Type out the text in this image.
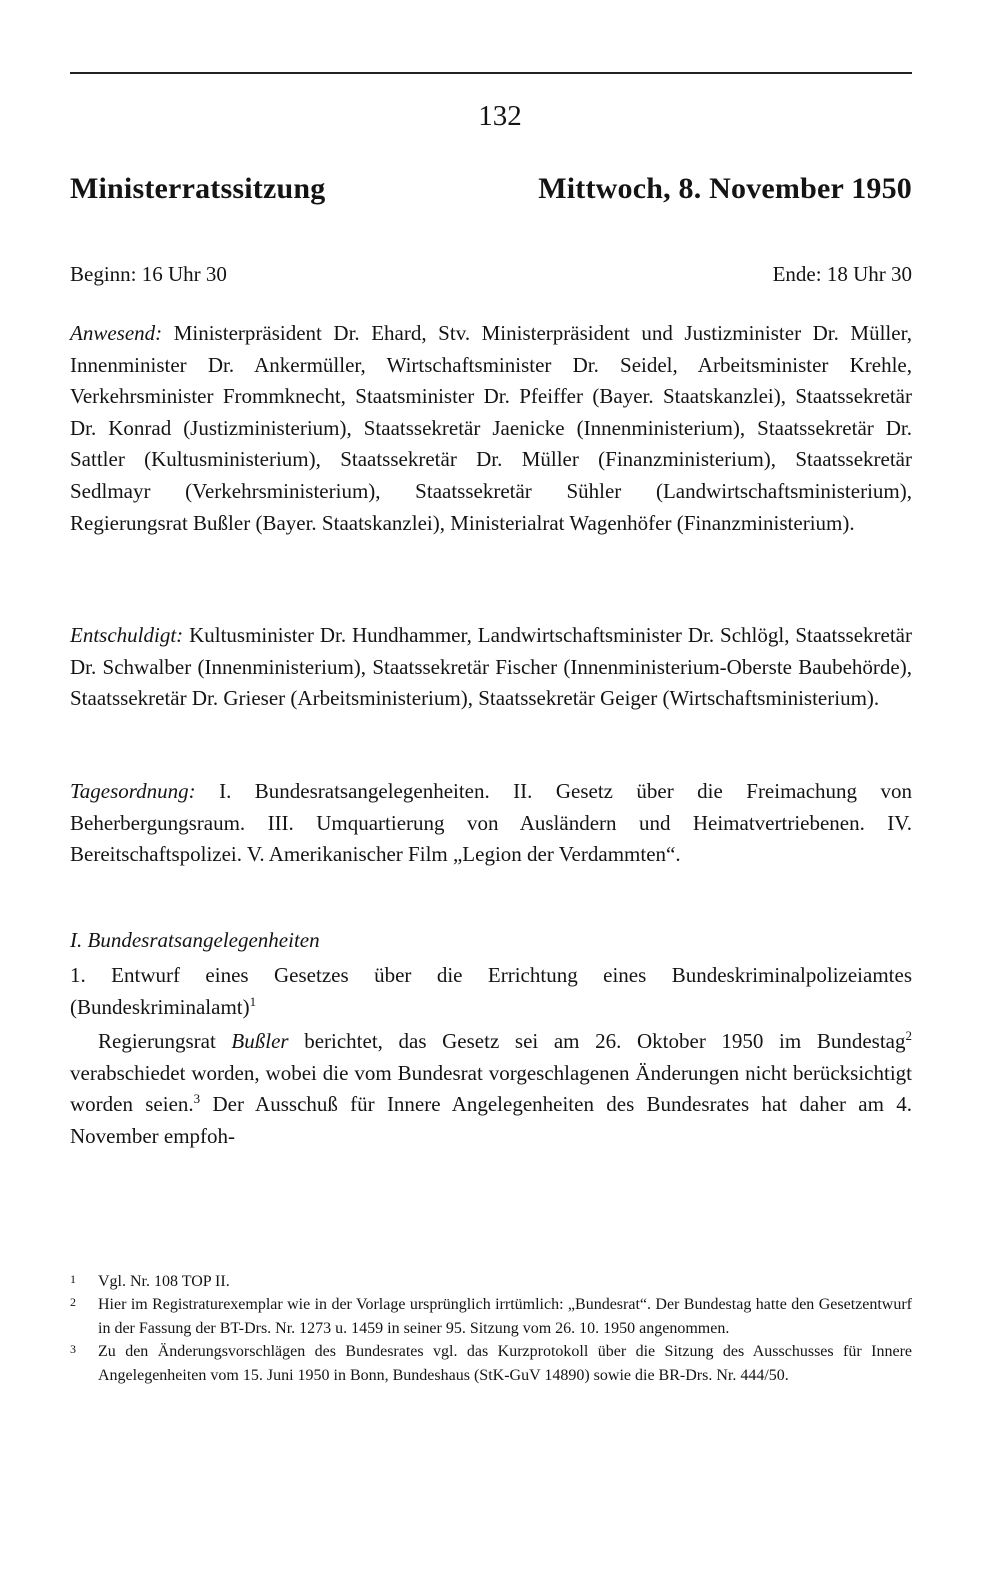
132
Ministerratssitzung	Mittwoch, 8. November 1950
Beginn: 16 Uhr 30	Ende: 18 Uhr 30
Anwesend: Ministerpräsident Dr. Ehard, Stv. Ministerpräsident und Justizminister Dr. Müller, Innenminister Dr. Ankermüller, Wirtschaftsminister Dr. Seidel, Arbeitsminister Krehle, Verkehrsminister Frommknecht, Staatsminister Dr. Pfeiffer (Bayer. Staatskanzlei), Staatssekretär Dr. Konrad (Justizministerium), Staatssekretär Jaenicke (Innenministerium), Staatssekretär Dr. Sattler (Kultusministerium), Staatssekretär Dr. Müller (Finanzministerium), Staatssekretär Sedlmayr (Verkehrsministerium), Staatssekretär Sühler (Landwirtschaftsministerium), Regierungsrat Bußler (Bayer. Staatskanzlei), Ministerialrat Wagenhöfer (Finanzministerium).
Entschuldigt: Kultusminister Dr. Hundhammer, Landwirtschaftsminister Dr. Schlögl, Staatssekretär Dr. Schwalber (Innenministerium), Staatssekretär Fischer (Innenministerium-Oberste Baubehörde), Staatssekretär Dr. Grieser (Arbeitsministerium), Staatssekretär Geiger (Wirtschaftsministerium).
Tagesordnung: I. Bundesratsangelegenheiten. II. Gesetz über die Freimachung von Beherbergungsraum. III. Umquartierung von Ausländern und Heimatvertriebenen. IV. Bereitschaftspolizei. V. Amerikanischer Film „Legion der Verdammten“.
I. Bundesratsangelegenheiten
1. Entwurf eines Gesetzes über die Errichtung eines Bundeskriminalpolizeiamtes (Bundeskriminalamt)$^1$
Regierungsrat Bußler berichtet, das Gesetz sei am 26. Oktober 1950 im Bundestag$^2$ verabschiedet worden, wobei die vom Bundesrat vorgeschlagenen Änderungen nicht berücksichtigt worden seien.$^3$ Der Ausschuß für Innere Angelegenheiten des Bundesrates hat daher am 4. November empfoh-
1	Vgl. Nr. 108 TOP II.
2	Hier im Registraturexemplar wie in der Vorlage ursprünglich irrtümlich: „Bundesrat“. Der Bundestag hatte den Gesetzentwurf in der Fassung der BT-Drs. Nr. 1273 u. 1459 in seiner 95. Sitzung vom 26. 10. 1950 angenommen.
3	Zu den Änderungsvorschlägen des Bundesrates vgl. das Kurzprotokoll über die Sitzung des Ausschusses für Innere Angelegenheiten vom 15. Juni 1950 in Bonn, Bundeshaus (StK-GuV 14890) sowie die BR-Drs. Nr. 444/50.
